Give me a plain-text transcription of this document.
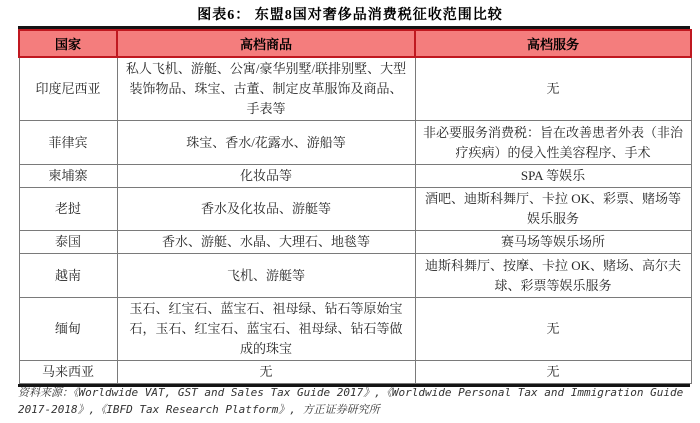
图表6： 东盟8国对奢侈品消费税征收范围比较
国家	高档商品	高档服务
印度尼西亚	私人飞机、游艇、公寓/豪华别墅/联排别墅、大型装饰物品、珠宝、古董、制定皮革服饰及商品、手表等	无
菲律宾	珠宝、香水/花露水、游船等	非必要服务消费税：旨在改善患者外表（非治疗疾病）的侵入性美容程序、手术
柬埔寨	化妆品等	SPA 等娱乐
老挝	香水及化妆品、游艇等	酒吧、迪斯科舞厅、卡拉 OK、彩票、赌场等娱乐服务
泰国	香水、游艇、水晶、大理石、地毯等	赛马场等娱乐场所
越南	飞机、游艇等	迪斯科舞厅、按摩、卡拉 OK、赌场、高尔夫球、彩票等娱乐服务
缅甸	玉石、红宝石、蓝宝石、祖母绿、钻石等原始宝石，玉石、红宝石、蓝宝石、祖母绿、钻石等做成的珠宝	无
马来西亚	无	无
资料来源：《Worldwide VAT, GST and Sales Tax Guide 2017》,《Worldwide Personal Tax and Immigration Guide 2017-2018》,《IBFD Tax Research Platform》, 方正证券研究所
